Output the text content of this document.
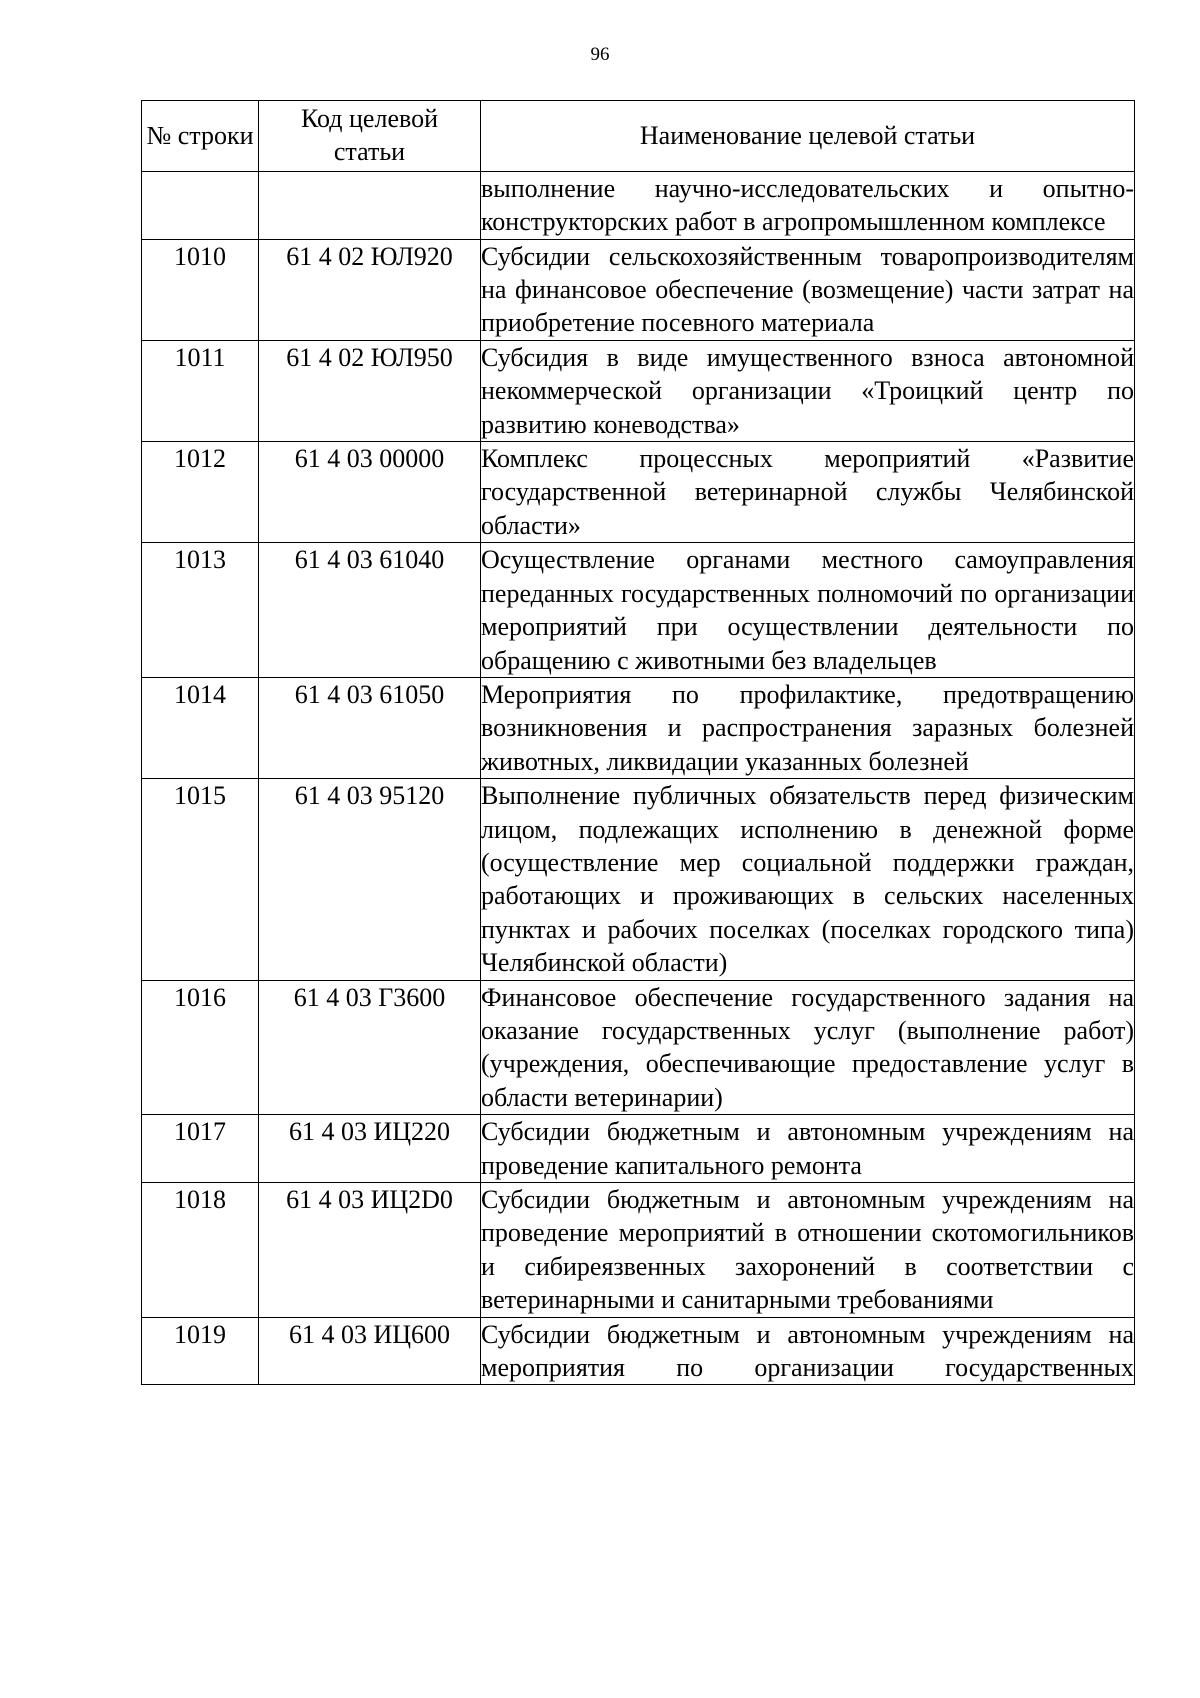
96
№ строки	Код целевой статьи	Наименование целевой статьи
		выполнение научно-исследовательских и опытно-конструкторских работ в агропромышленном комплексе
1010	61 4 02 ЮЛ920	Субсидии сельскохозяйственным товаропроизводителям на финансовое обеспечение (возмещение) части затрат на приобретение посевного материала
1011	61 4 02 ЮЛ950	Субсидия в виде имущественного взноса автономной некоммерческой организации «Троицкий центр по развитию коневодства»
1012	61 4 03 00000	Комплекс процессных мероприятий «Развитие государственной ветеринарной службы Челябинской области»
1013	61 4 03 61040	Осуществление органами местного самоуправления переданных государственных полномочий по организации мероприятий при осуществлении деятельности по обращению с животными без владельцев
1014	61 4 03 61050	Мероприятия по профилактике, предотвращению возникновения и распространения заразных болезней животных, ликвидации указанных болезней
1015	61 4 03 95120	Выполнение публичных обязательств перед физическим лицом, подлежащих исполнению в денежной форме (осуществление мер социальной поддержки граждан, работающих и проживающих в сельских населенных пунктах и рабочих поселках (поселках городского типа) Челябинской области)
1016	61 4 03 Г3600	Финансовое обеспечение государственного задания на оказание государственных услуг (выполнение работ) (учреждения, обеспечивающие предоставление услуг в области ветеринарии)
1017	61 4 03 ИЦ220	Субсидии бюджетным и автономным учреждениям на проведение капитального ремонта
1018	61 4 03 ИЦ2D0	Субсидии бюджетным и автономным учреждениям на проведение мероприятий в отношении скотомогильников и сибиреязвенных захоронений в соответствии с ветеринарными и санитарными требованиями
1019	61 4 03 ИЦ600	Субсидии бюджетным и автономным учреждениям на мероприятия по организации государственных
